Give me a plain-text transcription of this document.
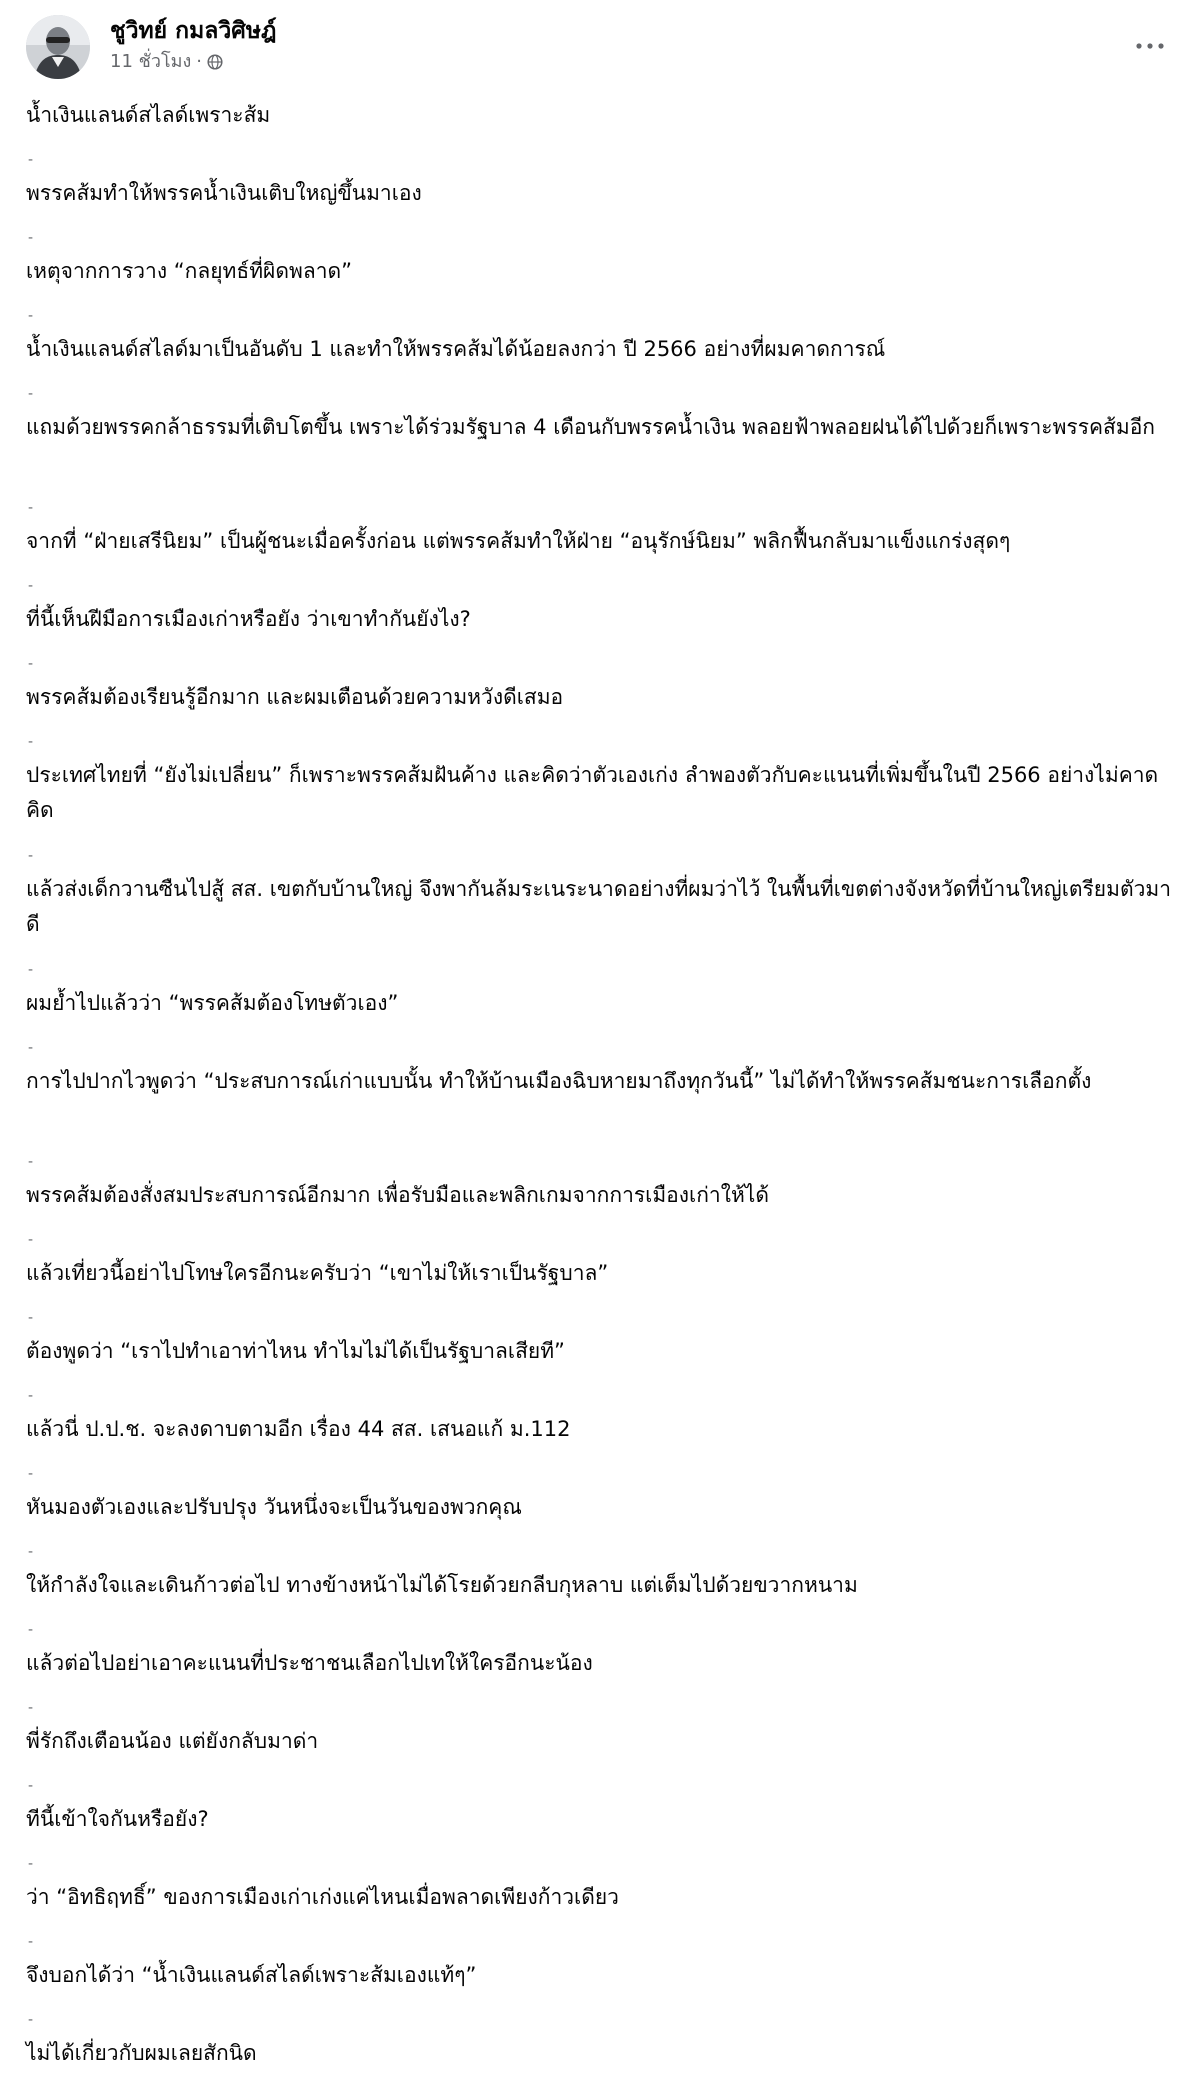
ชูวิทย์ กมลวิศิษฎ์
11 ชั่วโมง ·
น้ำเงินแลนด์สไลด์เพราะส้ม
-
พรรคส้มทำให้พรรคน้ำเงินเติบใหญ่ขึ้นมาเอง
-
เหตุจากการวาง “กลยุทธ์ที่ผิดพลาด”
-
น้ำเงินแลนด์สไลด์มาเป็นอันดับ 1 และทำให้พรรคส้มได้น้อยลงกว่า ปี 2566 อย่างที่ผมคาดการณ์
-
แถมด้วยพรรคกล้าธรรมที่เติบโตขึ้น เพราะได้ร่วมรัฐบาล 4 เดือนกับพรรคน้ำเงิน พลอยฟ้าพลอยฝนได้ไปด้วยก็เพราะพรรคส้มอีก
-
จากที่ “ฝ่ายเสรีนิยม” เป็นผู้ชนะเมื่อครั้งก่อน แต่พรรคส้มทำให้ฝ่าย “อนุรักษ์นิยม” พลิกฟื้นกลับมาแข็งแกร่งสุดๆ
-
ที่นี้เห็นฝีมือการเมืองเก่าหรือยัง ว่าเขาทำกันยังไง?
-
พรรคส้มต้องเรียนรู้อีกมาก และผมเตือนด้วยความหวังดีเสมอ
-
ประเทศไทยที่ “ยังไม่เปลี่ยน” ก็เพราะพรรคส้มฝันค้าง และคิดว่าตัวเองเก่ง ลำพองตัวกับคะแนนที่เพิ่มขึ้นในปี 2566 อย่างไม่คาดคิด
-
แล้วส่งเด็กวานซืนไปสู้ สส. เขตกับบ้านใหญ่ จึงพากันล้มระเนระนาดอย่างที่ผมว่าไว้ ในพื้นที่เขตต่างจังหวัดที่บ้านใหญ่เตรียมตัวมาดี
-
ผมย้ำไปแล้วว่า “พรรคส้มต้องโทษตัวเอง”
-
การไปปากไวพูดว่า “ประสบการณ์เก่าแบบนั้น ทำให้บ้านเมืองฉิบหายมาถึงทุกวันนี้” ไม่ได้ทำให้พรรคส้มชนะการเลือกตั้ง
-
พรรคส้มต้องสั่งสมประสบการณ์อีกมาก เพื่อรับมือและพลิกเกมจากการเมืองเก่าให้ได้
-
แล้วเที่ยวนี้อย่าไปโทษใครอีกนะครับว่า “เขาไม่ให้เราเป็นรัฐบาล”
-
ต้องพูดว่า “เราไปทำเอาท่าไหน ทำไมไม่ได้เป็นรัฐบาลเสียที”
-
แล้วนี่ ป.ป.ช. จะลงดาบตามอีก เรื่อง 44 สส. เสนอแก้ ม.112
-
หันมองตัวเองและปรับปรุง วันหนึ่งจะเป็นวันของพวกคุณ
-
ให้กำลังใจและเดินก้าวต่อไป ทางข้างหน้าไม่ได้โรยด้วยกลีบกุหลาบ แต่เต็มไปด้วยขวากหนาม
-
แล้วต่อไปอย่าเอาคะแนนที่ประชาชนเลือกไปเทให้ใครอีกนะน้อง
-
พี่รักถึงเตือนน้อง แต่ยังกลับมาด่า
-
ทีนี้เข้าใจกันหรือยัง?
-
ว่า “อิทธิฤทธิ์” ของการเมืองเก่าเก่งแค่ไหนเมื่อพลาดเพียงก้าวเดียว
-
จึงบอกได้ว่า “น้ำเงินแลนด์สไลด์เพราะส้มเองแท้ๆ”
-
ไม่ได้เกี่ยวกับผมเลยสักนิด
